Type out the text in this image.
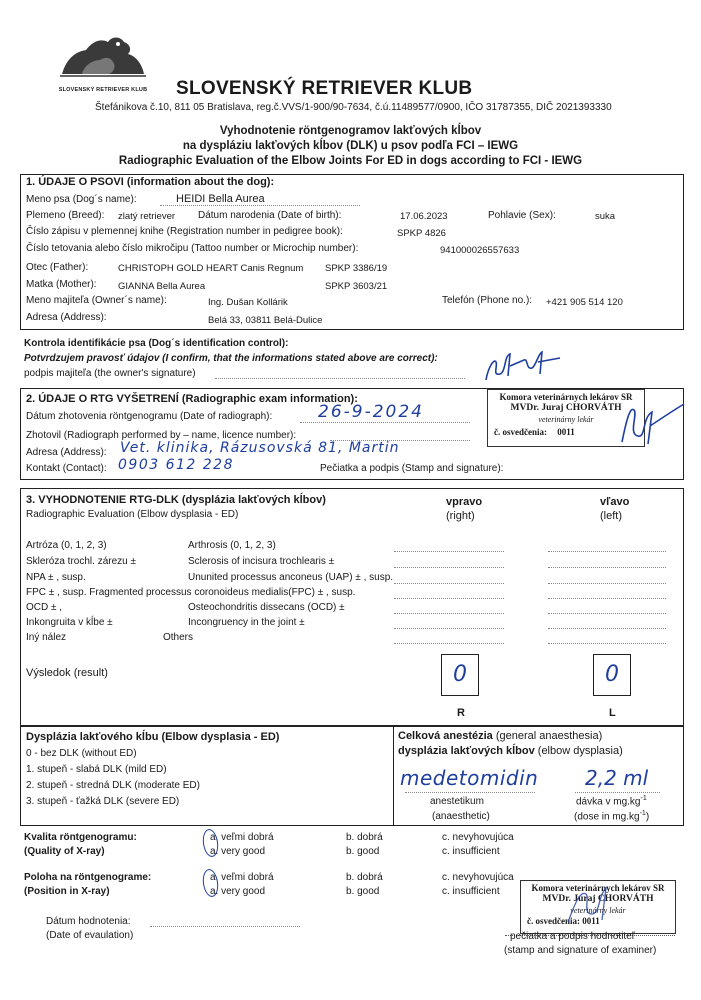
SLOVENSKÝ RETRIEVER KLUB	SLOVENSKÝ RETRIEVER KLUB
Štefánikova č.10, 811 05 Bratislava, reg.č.VVS/1-900/90-7634, č.ú.11489577/0900, IČO 31787355, DIČ 2021393330
Vyhodnotenie röntgenogramov lakťových kĺbov
na dyspláziu lakťových kĺbov (DLK) u psov podľa FCI – IEWG
Radiographic Evaluation of the Elbow Joints For ED in dogs according to FCI - IEWG
1. ÚDAJE O PSOVI (information about the dog):
Meno psa (Dog´s name):	HEIDI Bella Aurea
Plemeno (Breed): zlatý retriever Dátum narodenia (Date of birth):	17.06.2023	Pohlavie (Sex):	suka
Číslo zápisu v plemennej knihe (Registration number in pedigree book):	SPKP 4826
Číslo tetovania alebo číslo mikročipu (Tattoo number or Microchip number):	941000026557633
Otec (Father):	CHRISTOPH GOLD HEART Canis Regnum SPKP 3386/19
Matka (Mother): GIANNA Bella Aurea	SPKP 3603/21
Meno majiteľa (Owner´s name):	Ing. Dušan Kollárik	Telefón (Phone no.): +421 905 514 120
Adresa (Address):	Belá 33, 03811 Belá-Dulice
Kontrola identifikácie psa (Dog´s identification control):
Potvrdzujem pravosť údajov (I confirm, that the informations stated above are correct):
podpis majiteľa (the owner's signature)
2. ÚDAJE O RTG VYŠETRENÍ (Radiographic exam information):
Dátum zhotovenia röntgenogramu (Date of radiograph):	26-9-2024
Zhotovil (Radiograph performed by – name, licence number):
Adresa (Address): Vet. klinika, Rázusovská 81, Martin
Kontakt (Contact): 0903 612 228	Pečiatka a podpis (Stamp and signature):
Komora veterinárnych lekárov SR
MVDr. Juraj CHORVÁTH
veterinárny lekár
č. osvedčenia: 0011
3. VYHODNOTENIE RTG-DLK (dysplázia lakťových kĺbov)
Radiographic Evaluation (Elbow dysplasia - ED)
vpravo
(right)
vľavo
(left)
Artróza (0, 1, 2, 3)	Arthrosis (0, 1, 2, 3)
Skleróza trochl. zárezu ±	Sclerosis of incisura trochlearis ±
NPA ± , susp.	Ununited processus anconeus (UAP) ± , susp.
FPC ± , susp. Fragmented processus coronoideus medialis(FPC) ± , susp.
OCD ± ,	Osteochondritis dissecans (OCD) ±
Inkongruita v kĺbe ±	Incongruency in the joint ±
Iný nález	Others
Výsledok (result)	0	0
R	L
Dysplázia lakťového kĺbu (Elbow dysplasia - ED)
0 - bez DLK (without ED)
1. stupeň - slabá DLK (mild ED)
2. stupeň - stredná DLK (moderate ED)
3. stupeň - ťažká DLK (severe ED)
Celková anestézia (general anaesthesia)
dysplázia lakťových kĺbov (elbow dysplasia)
medetomidin 2,2 ml
anestetikum
(anaesthetic)
dávka v $mg.kg^{-1}$
(dose in $mg.kg^{-1}$)
Kvalita röntgenogramu:
(Quality of X-ray)
a. veľmi dobrá
a. very good
b. dobrá
b. good
c. nevyhovujúca
c. insufficient
Poloha na röntgenograme:
(Position in X-ray)
a. veľmi dobrá
a. very good
b. dobrá
b. good
c. nevyhovujúca
c. insufficient
Dátum hodnotenia:
(Date of evaulation)
Komora veterinárnych lekárov SR
MVDr. Juraj CHORVÁTH
veterinárny lekár
č. osvedčenia: 0011
pečiatka a podpis hodnotiteľ
(stamp and signature of examiner)
